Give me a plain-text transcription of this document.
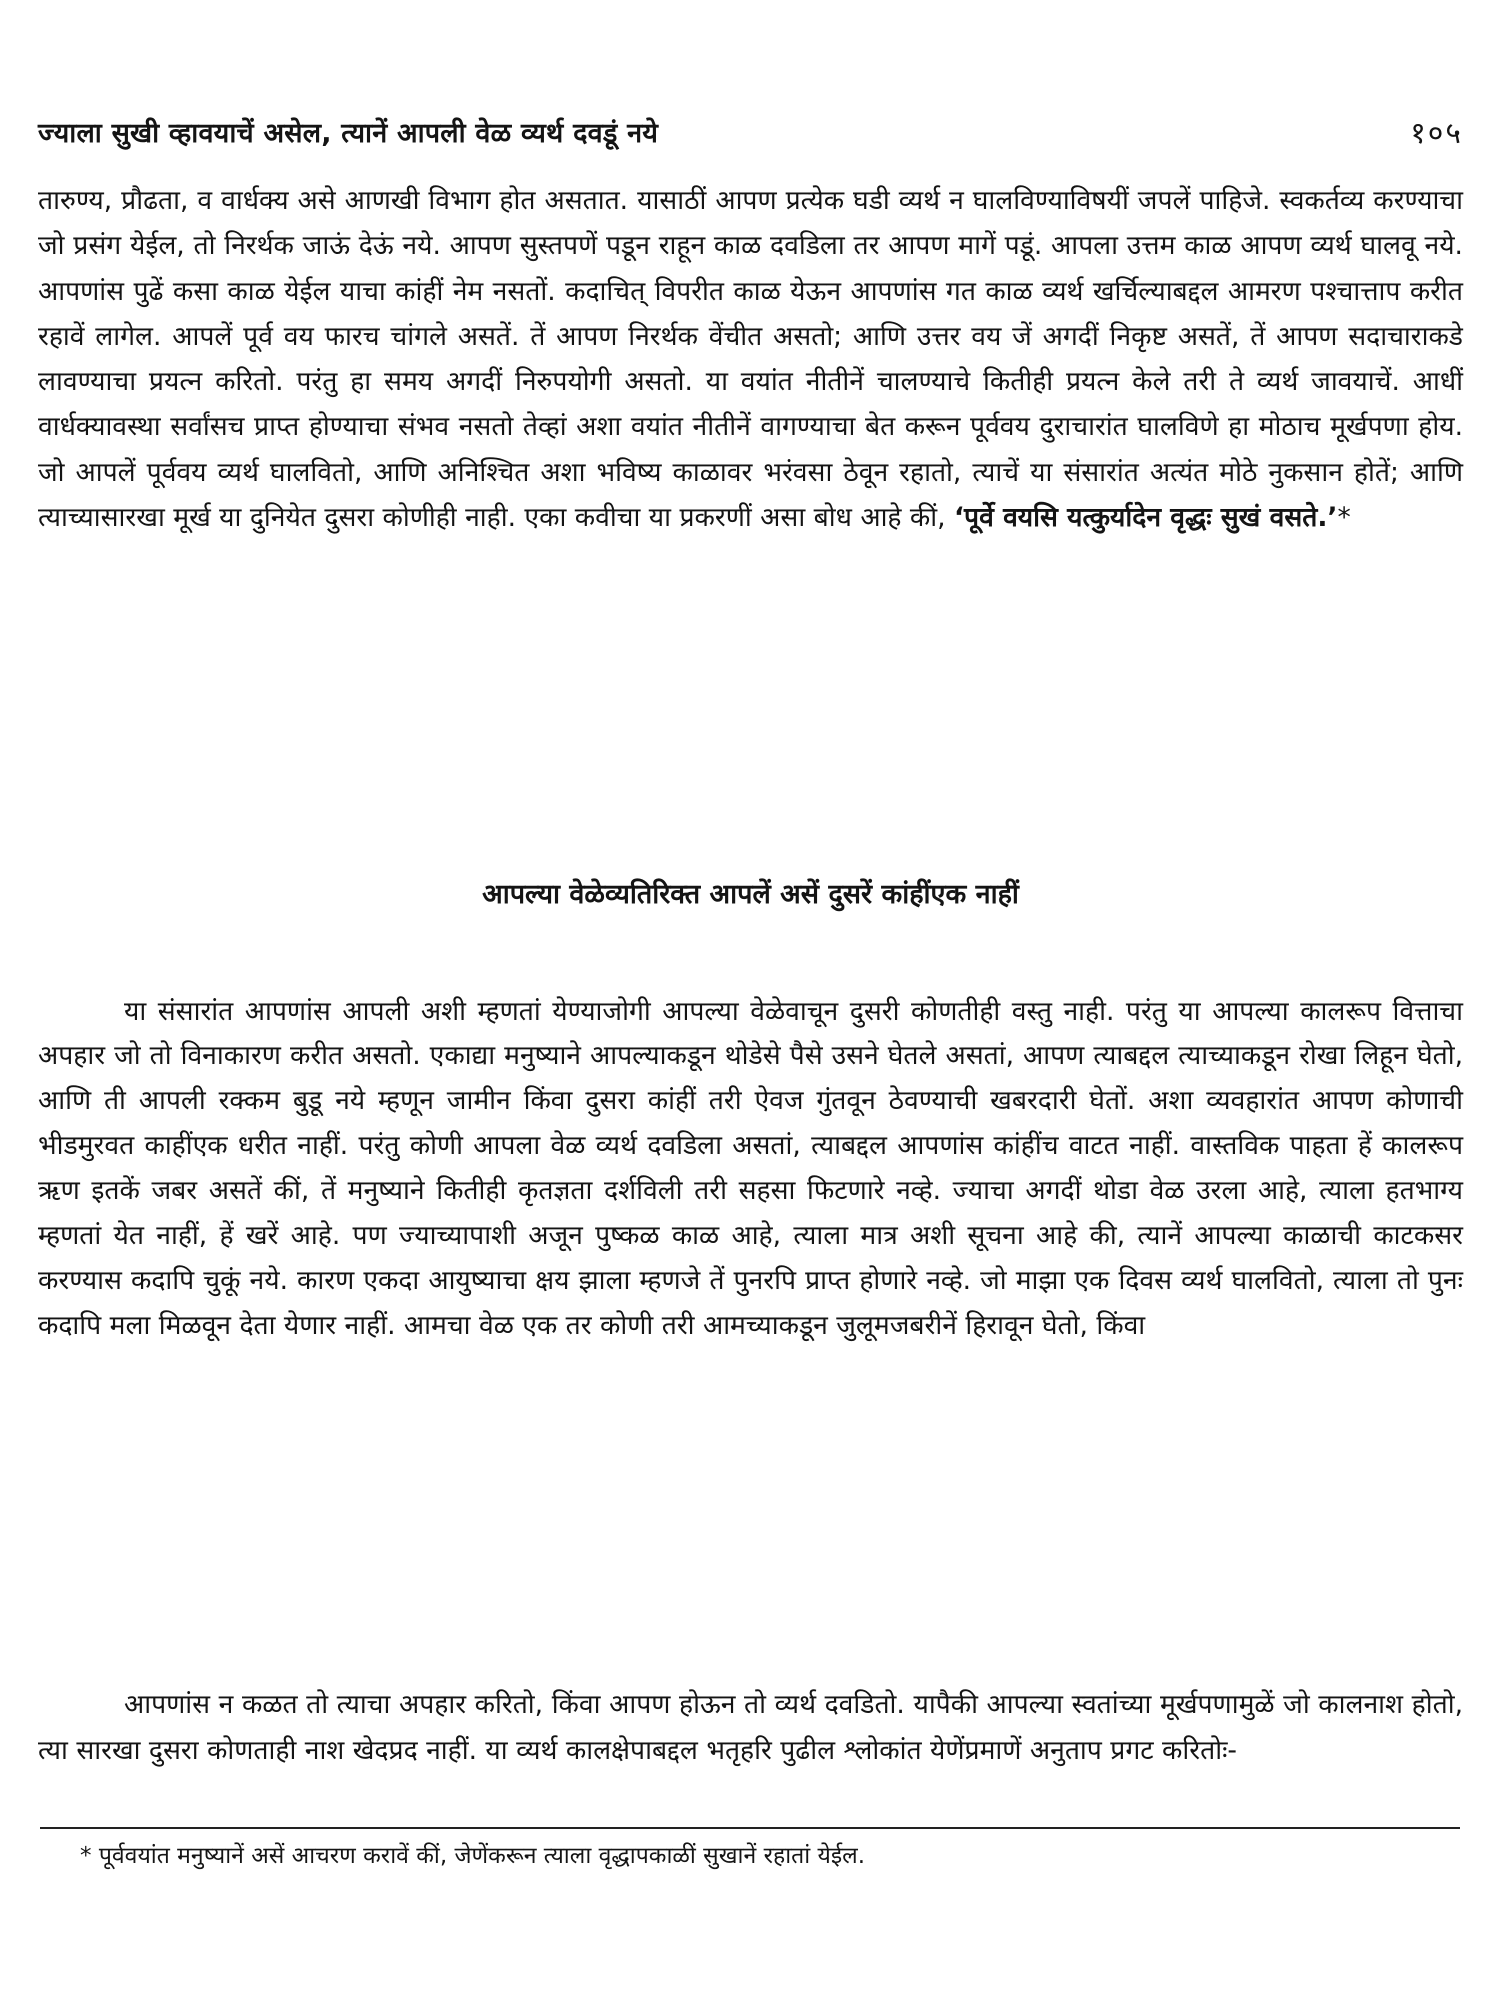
ज्याला सुखी व्हावयाचें असेल, त्यानें आपली वेळ व्यर्थ दवडूं नये	१०५

तारुण्य, प्रौढता, व वार्धक्य असे आणखी विभाग होत असतात. यासाठीं आपण प्रत्येक घडी व्यर्थ न घालविण्याविषयीं जपलें पाहिजे. स्वकर्तव्य करण्याचा जो प्रसंग येईल, तो निरर्थक जाऊं देऊं नये. आपण सुस्तपणें पडून राहून काळ दवडिला तर आपण मागें पडूं. आपला उत्तम काळ आपण व्यर्थ घालवू नये. आपणांस पुढें कसा काळ येईल याचा कांहीं नेम नसतों. कदाचित् विपरीत काळ येऊन आपणांस गत काळ व्यर्थ खर्चिल्याबद्दल आमरण पश्चात्ताप करीत रहावें लागेल. आपलें पूर्व वय फारच चांगले असतें. तें आपण निरर्थक वेंचीत असतो; आणि उत्तर वय जें अगदीं निकृष्ट असतें, तें आपण सदाचाराकडे लावण्याचा प्रयत्न करितो. परंतु हा समय अगदीं निरुपयोगी असतो. या वयांत नीतीनें चालण्याचे कितीही प्रयत्न केले तरी ते व्यर्थ जावयाचें. आधीं वार्धक्यावस्था सर्वांसच प्राप्त होण्याचा संभव नसतो तेव्हां अशा वयांत नीतीनें वागण्याचा बेत करून पूर्ववय दुराचारांत घालविणे हा मोठाच मूर्खपणा होय. जो आपलें पूर्ववय व्यर्थ घालवितो, आणि अनिश्चित अशा भविष्य काळावर भरंवसा ठेवून रहातो, त्याचें या संसारांत अत्यंत मोठे नुकसान होतें; आणि त्याच्यासारखा मूर्ख या दुनियेत दुसरा कोणीही नाही. एका कवीचा या प्रकरणीं असा बोध आहे कीं, ‘पूर्वे वयसि यत्कुर्यादेन वृद्धः सुखं वसते.’*

आपल्या वेळेव्यतिरिक्त आपलें असें दुसरें कांहींएक नाहीं

या संसारांत आपणांस आपली अशी म्हणतां येण्याजोगी आपल्या वेळेवाचून दुसरी कोणतीही वस्तु नाही. परंतु या आपल्या कालरूप वित्ताचा अपहार जो तो विनाकारण करीत असतो. एकाद्या मनुष्याने आपल्याकडून थोडेसे पैसे उसने घेतले असतां, आपण त्याबद्दल त्याच्याकडून रोखा लिहून घेतो, आणि ती आपली रक्कम बुडू नये म्हणून जामीन किंवा दुसरा कांहीं तरी ऐवज गुंतवून ठेवण्याची खबरदारी घेतों. अशा व्यवहारांत आपण कोणाची भीडमुरवत काहींएक धरीत नाहीं. परंतु कोणी आपला वेळ व्यर्थ दवडिला असतां, त्याबद्दल आपणांस कांहींच वाटत नाहीं. वास्तविक पाहता हें कालरूप ऋण इतकें जबर असतें कीं, तें मनुष्याने कितीही कृतज्ञता दर्शविली तरी सहसा फिटणारे नव्हे. ज्याचा अगदीं थोडा वेळ उरला आहे, त्याला हतभाग्य म्हणतां येत नाहीं, हें खरें आहे. पण ज्याच्यापाशी अजून पुष्कळ काळ आहे, त्याला मात्र अशी सूचना आहे की, त्यानें आपल्या काळाची काटकसर करण्यास कदापि चुकूं नये. कारण एकदा आयुष्याचा क्षय झाला म्हणजे तें पुनरपि प्राप्त होणारे नव्हे. जो माझा एक दिवस व्यर्थ घालवितो, त्याला तो पुनः कदापि मला मिळवून देता येणार नाहीं. आमचा वेळ एक तर कोणी तरी आमच्याकडून जुलूमजबरीनें हिरावून घेतो, किंवा

आपणांस न कळत तो त्याचा अपहार करितो, किंवा आपण होऊन तो व्यर्थ दवडितो. यापैकी आपल्या स्वतांच्या मूर्खपणामुळें जो कालनाश होतो, त्या सारखा दुसरा कोणताही नाश खेदप्रद नाहीं. या व्यर्थ कालक्षेपाबद्दल भतृहरि पुढील श्लोकांत येणेंप्रमाणें अनुताप प्रगट करितोः-

* पूर्ववयांत मनुष्यानें असें आचरण करावें कीं, जेणेंकरून त्याला वृद्धापकाळीं सुखानें रहातां येईल.
